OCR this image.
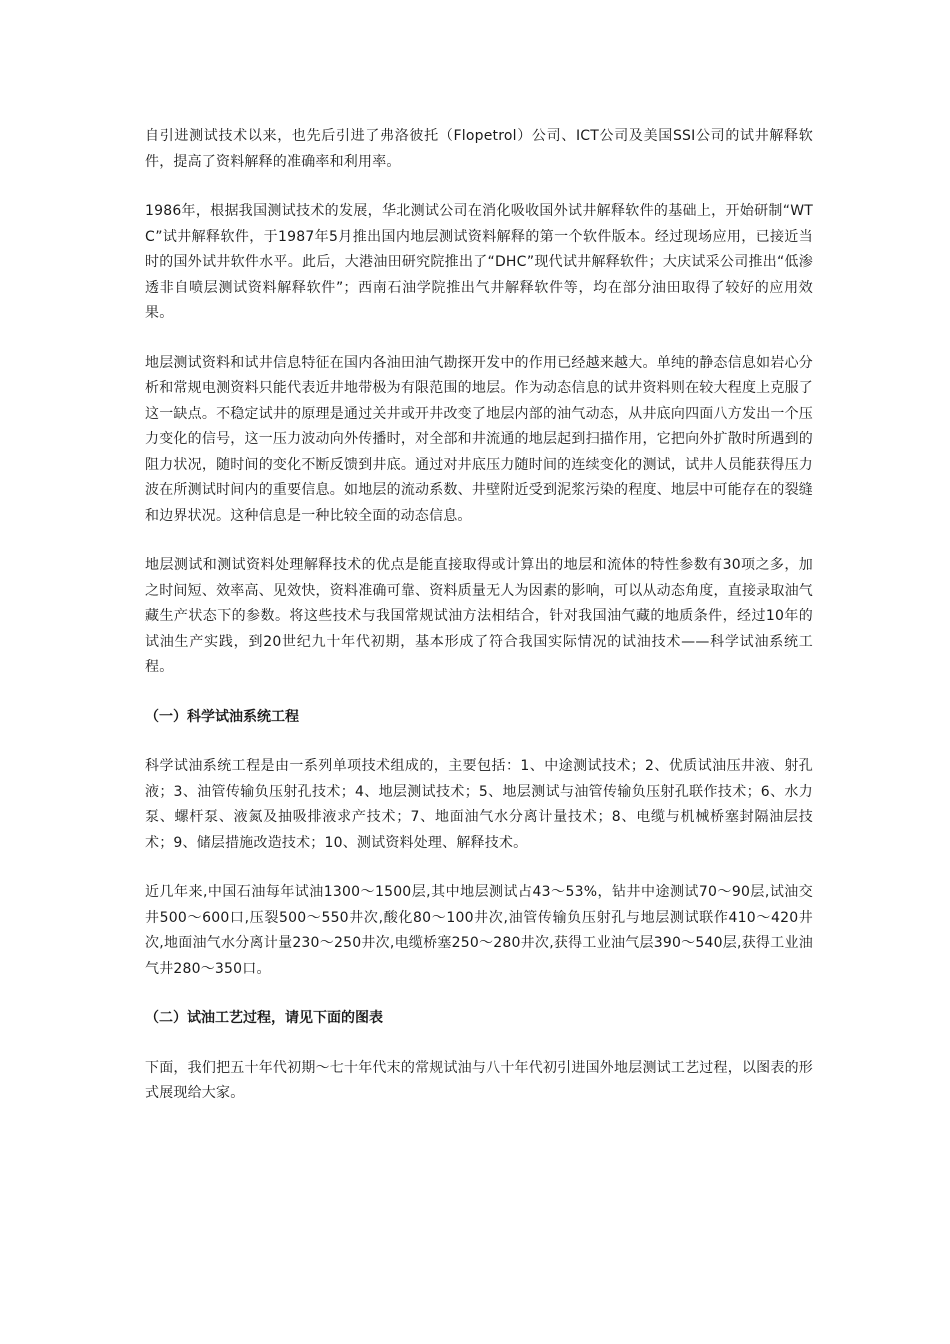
自引进测试技术以来，也先后引进了弗洛彼托（Flopetrol）公司、ICT公司及美国SSI公司的试井解释软件，提高了资料解释的准确率和利用率。

1986年，根据我国测试技术的发展，华北测试公司在消化吸收国外试井解释软件的基础上，开始研制“WTC”试井解释软件，于1987年5月推出国内地层测试资料解释的第一个软件版本。经过现场应用，已接近当时的国外试井软件水平。此后，大港油田研究院推出了“DHC”现代试井解释软件；大庆试采公司推出“低渗透非自喷层测试资料解释软件”；西南石油学院推出气井解释软件等，均在部分油田取得了较好的应用效果。

地层测试资料和试井信息特征在国内各油田油气勘探开发中的作用已经越来越大。单纯的静态信息如岩心分析和常规电测资料只能代表近井地带极为有限范围的地层。作为动态信息的试井资料则在较大程度上克服了这一缺点。不稳定试井的原理是通过关井或开井改变了地层内部的油气动态，从井底向四面八方发出一个压力变化的信号，这一压力波动向外传播时，对全部和井流通的地层起到扫描作用，它把向外扩散时所遇到的阻力状况，随时间的变化不断反馈到井底。通过对井底压力随时间的连续变化的测试，试井人员能获得压力波在所测试时间内的重要信息。如地层的流动系数、井壁附近受到泥浆污染的程度、地层中可能存在的裂缝和边界状况。这种信息是一种比较全面的动态信息。

地层测试和测试资料处理解释技术的优点是能直接取得或计算出的地层和流体的特性参数有30项之多，加之时间短、效率高、见效快，资料准确可靠、资料质量无人为因素的影响，可以从动态角度，直接录取油气藏生产状态下的参数。将这些技术与我国常规试油方法相结合，针对我国油气藏的地质条件，经过10年的试油生产实践，到20世纪九十年代初期，基本形成了符合我国实际情况的试油技术——科学试油系统工程。

（一）科学试油系统工程

科学试油系统工程是由一系列单项技术组成的，主要包括：1、中途测试技术；2、优质试油压井液、射孔液；3、油管传输负压射孔技术；4、地层测试技术；5、地层测试与油管传输负压射孔联作技术；6、水力泵、螺杆泵、液氮及抽吸排液求产技术；7、地面油气水分离计量技术；8、电缆与机械桥塞封隔油层技术；9、储层措施改造技术；10、测试资料处理、解释技术。

近几年来,中国石油每年试油1300～1500层,其中地层测试占43～53%，钻井中途测试70～90层,试油交井500～600口,压裂500～550井次,酸化80～100井次,油管传输负压射孔与地层测试联作410～420井次,地面油气水分离计量230～250井次,电缆桥塞250～280井次,获得工业油气层390～540层,获得工业油气井280～350口。

（二）试油工艺过程，请见下面的图表

下面，我们把五十年代初期～七十年代末的常规试油与八十年代初引进国外地层测试工艺过程，以图表的形式展现给大家。
